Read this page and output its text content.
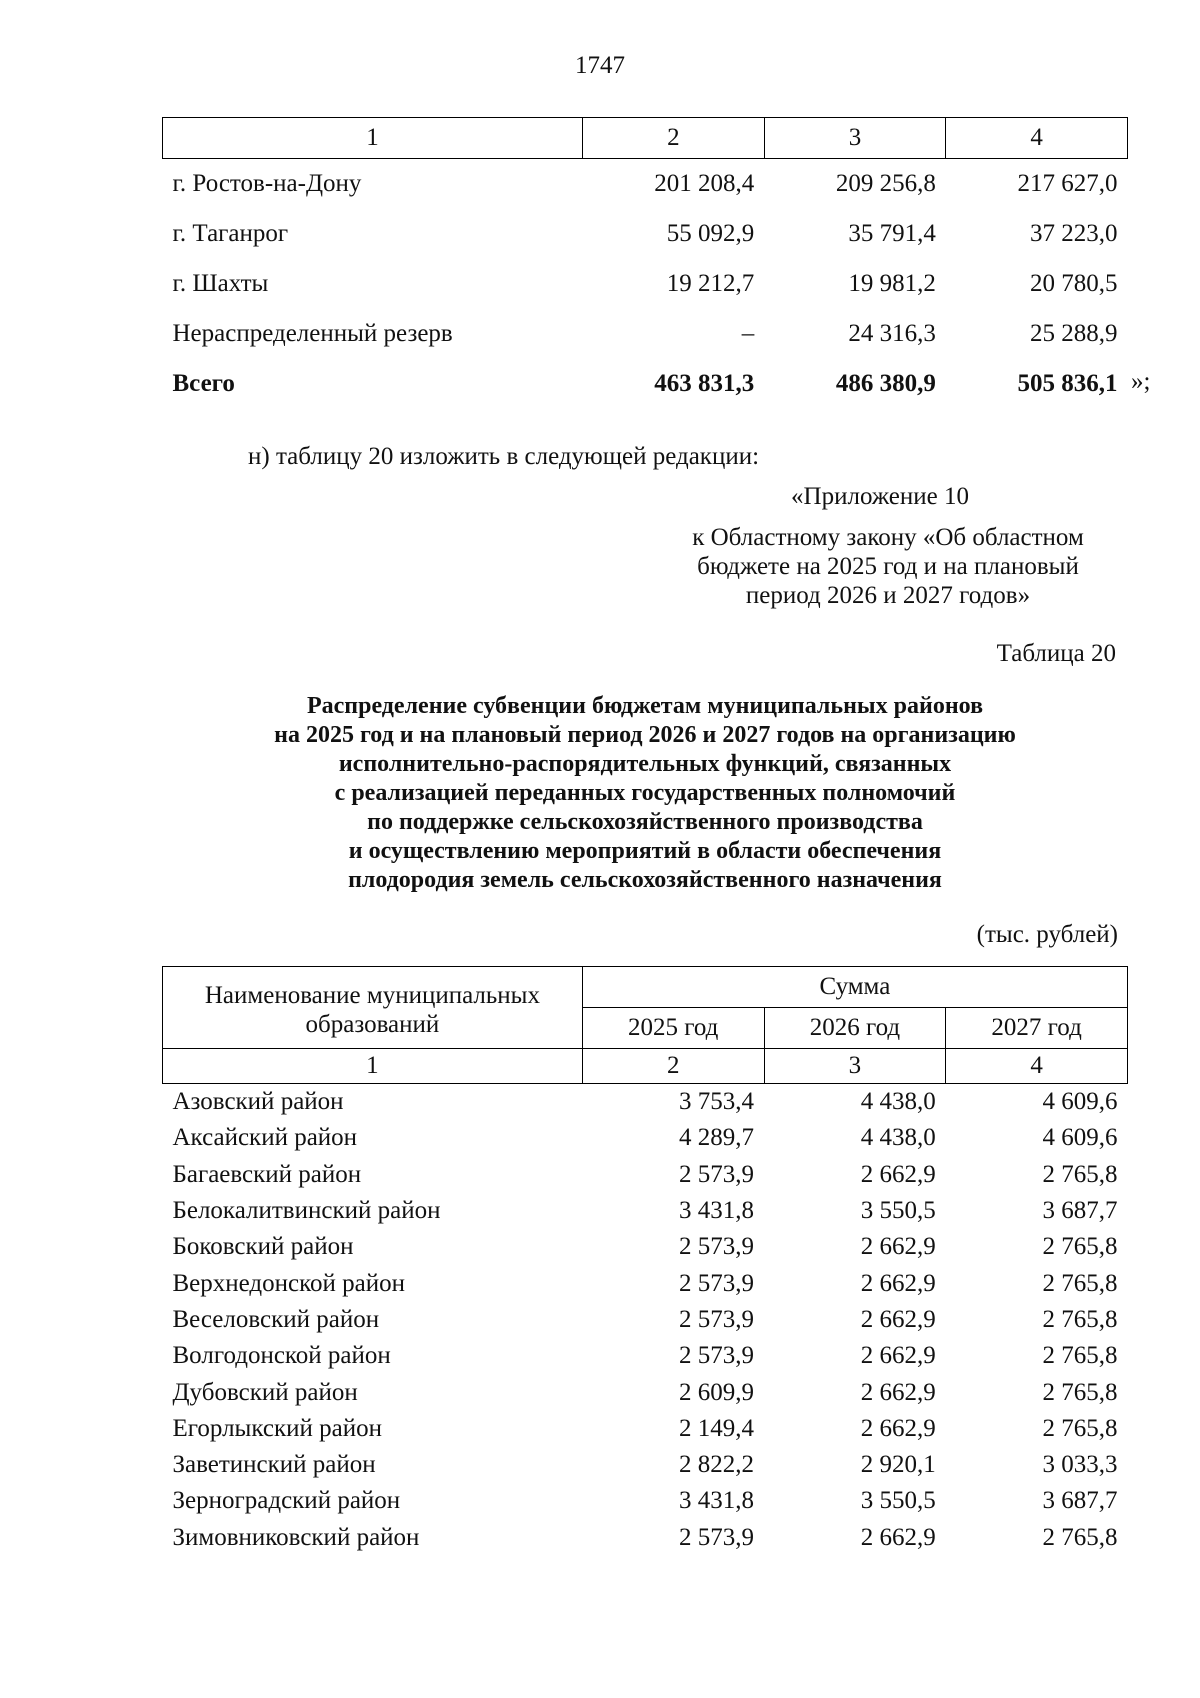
1747
1	2	3	4
г. Ростов-на-Дону	201 208,4	209 256,8	217 627,0
г. Таганрог	55 092,9	35 791,4	37 223,0
г. Шахты	19 212,7	19 981,2	20 780,5
Нераспределенный резерв	–	24 316,3	25 288,9
Всего	463 831,3	486 380,9	505 836,1 »;
н) таблицу 20 изложить в следующей редакции:
«Приложение 10
к Областному закону «Об областном
бюджете на 2025 год и на плановый
период 2026 и 2027 годов»
Таблица 20
Распределение субвенции бюджетам муниципальных районов
на 2025 год и на плановый период 2026 и 2027 годов на организацию
исполнительно-распорядительных функций, связанных
с реализацией переданных государственных полномочий
по поддержке сельскохозяйственного производства
и осуществлению мероприятий в области обеспечения
плодородия земель сельскохозяйственного назначения
(тыс. рублей)
Наименование муниципальных образований	Сумма		
	2025 год	2026 год	2027 год
1	2	3	4
Азовский район	3 753,4	4 438,0	4 609,6
Аксайский район	4 289,7	4 438,0	4 609,6
Багаевский район	2 573,9	2 662,9	2 765,8
Белокалитвинский район	3 431,8	3 550,5	3 687,7
Боковский район	2 573,9	2 662,9	2 765,8
Верхнедонской район	2 573,9	2 662,9	2 765,8
Веселовский район	2 573,9	2 662,9	2 765,8
Волгодонской район	2 573,9	2 662,9	2 765,8
Дубовский район	2 609,9	2 662,9	2 765,8
Егорлыкский район	2 149,4	2 662,9	2 765,8
Заветинский район	2 822,2	2 920,1	3 033,3
Зерноградский район	3 431,8	3 550,5	3 687,7
Зимовниковский район	2 573,9	2 662,9	2 765,8
